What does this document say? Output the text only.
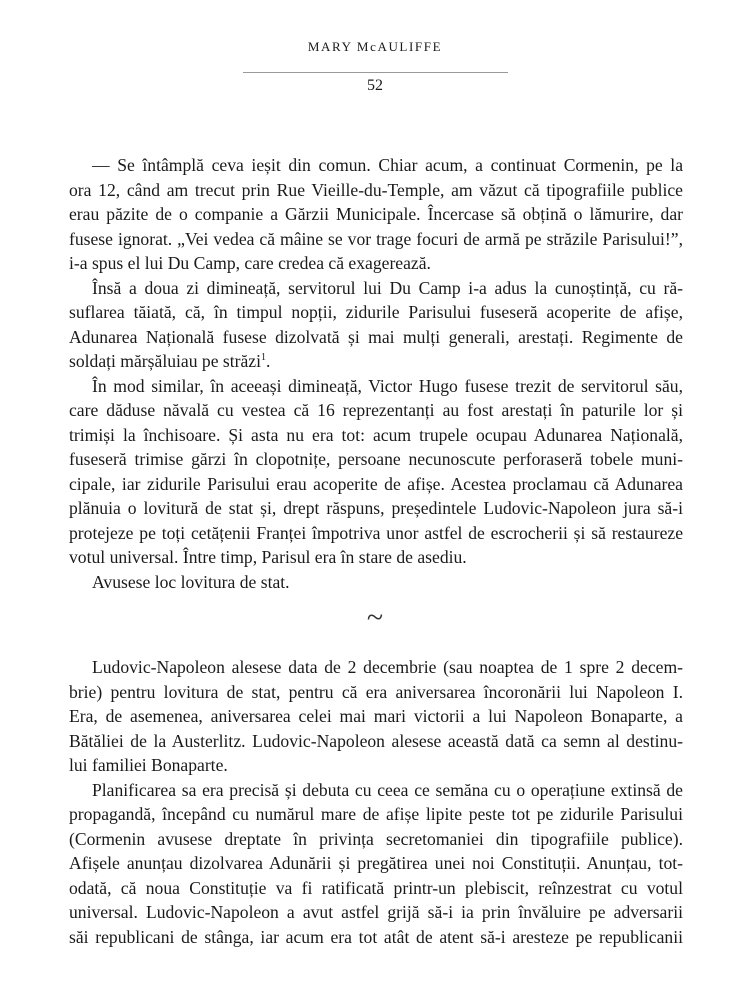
MARY McAULIFFE
52
— Se întâmplă ceva ieșit din comun. Chiar acum, a continuat Cormenin, pe la
ora 12, când am trecut prin Rue Vieille-du-Temple, am văzut că tipografiile publice
erau păzite de o companie a Gărzii Municipale. Încercase să obțină o lămurire, dar
fusese ignorat. „Vei vedea că mâine se vor trage focuri de armă pe străzile Parisului!”,
i-a spus el lui Du Camp, care credea că exagerează.
Însă a doua zi dimineață, servitorul lui Du Camp i-a adus la cunoștință, cu ră-
suflarea tăiată, că, în timpul nopții, zidurile Parisului fuseseră acoperite de afișe,
Adunarea Națională fusese dizolvată și mai mulți generali, arestați. Regimente de
soldați mărșăluiau pe străzi$^1$.
În mod similar, în aceeași dimineață, Victor Hugo fusese trezit de servitorul său,
care dăduse năvală cu vestea că 16 reprezentanți au fost arestați în paturile lor și
trimiși la închisoare. Și asta nu era tot: acum trupele ocupau Adunarea Națională,
fuseseră trimise gărzi în clopotnițe, persoane necunoscute perforaseră tobele muni-
cipale, iar zidurile Parisului erau acoperite de afișe. Acestea proclamau că Adunarea
plănuia o lovitură de stat și, drept răspuns, președintele Ludovic-Napoleon jura să-i
protejeze pe toți cetățenii Franței împotriva unor astfel de escrocherii și să restaureze
votul universal. Între timp, Parisul era în stare de asediu.
Avusese loc lovitura de stat.
~
Ludovic-Napoleon alesese data de 2 decembrie (sau noaptea de 1 spre 2 decem-
brie) pentru lovitura de stat, pentru că era aniversarea încoronării lui Napoleon I.
Era, de asemenea, aniversarea celei mai mari victorii a lui Napoleon Bonaparte, a
Bătăliei de la Austerlitz. Ludovic-Napoleon alesese această dată ca semn al destinu-
lui familiei Bonaparte.
Planificarea sa era precisă și debuta cu ceea ce semăna cu o operațiune extinsă de
propagandă, începând cu numărul mare de afișe lipite peste tot pe zidurile Parisului
(Cormenin avusese dreptate în privința secretomaniei din tipografiile publice).
Afișele anunțau dizolvarea Adunării și pregătirea unei noi Constituții. Anunțau, tot-
odată, că noua Constituție va fi ratificată printr-un plebiscit, reînzestrat cu votul
universal. Ludovic-Napoleon a avut astfel grijă să-i ia prin învăluire pe adversarii
săi republicani de stânga, iar acum era tot atât de atent să-i aresteze pe republicanii
